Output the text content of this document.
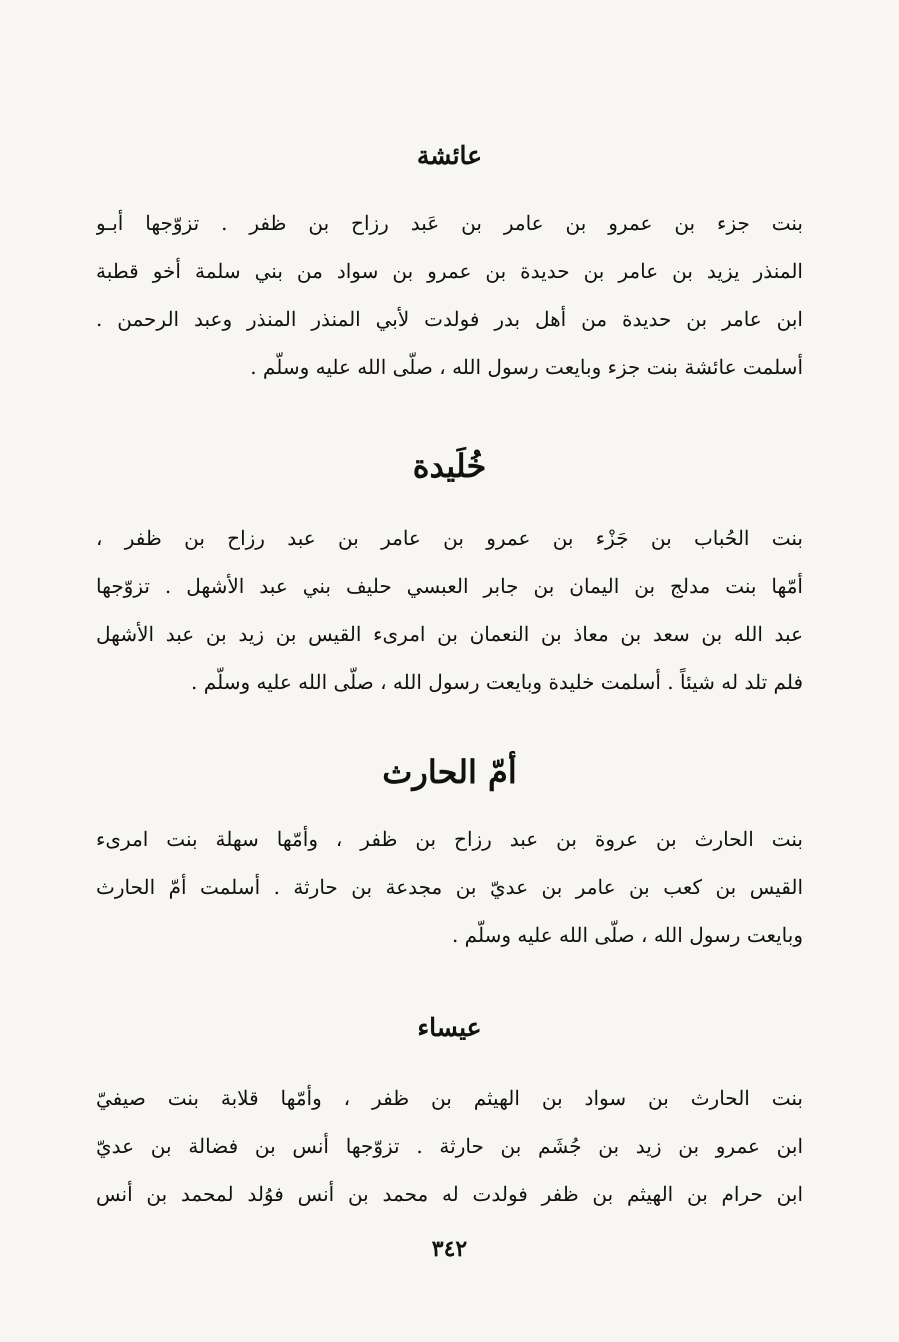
عائشة
بنت جزء بن عمرو بن عامر بن عَبد رزاح بن ظفر . تزوّجها أبـو
المنذر يزيد بن عامر بن حديدة بن عمرو بن سواد من بني سلمة أخو قطبة
ابن عامر بن حديدة من أهل بدر فولدت لأبي المنذر المنذر وعبد الرحمن .
أسلمت عائشة بنت جزء وبايعت رسول الله ، صلّى الله عليه وسلّم .
خُلَيدة
بنت الحُباب بن جَزْء بن عمرو بن عامر بن عبد رزاح بن ظفر ،
أمّها بنت مدلج بن اليمان بن جابر العبسي حليف بني عبد الأشهل . تزوّجها
عبد الله بن سعد بن معاذ بن النعمان بن امرىء القيس بن زيد بن عبد الأشهل
فلم تلد له شيئاً . أسلمت خليدة وبايعت رسول الله ، صلّى الله عليه وسلّم .
أمّ الحارث
بنت الحارث بن عروة بن عبد رزاح بن ظفر ، وأمّها سهلة بنت امرىء
القيس بن كعب بن عامر بن عديّ بن مجدعة بن حارثة . أسلمت أمّ الحارث
وبايعت رسول الله ، صلّى الله عليه وسلّم .
عيساء
بنت الحارث بن سواد بن الهيثم بن ظفر ، وأمّها قلابة بنت صيفيّ
ابن عمرو بن زيد بن جُشَم بن حارثة . تزوّجها أنس بن فضالة بن عديّ
ابن حرام بن الهيثم بن ظفر فولدت له محمد بن أنس فوُلد لمحمد بن أنس
٣٤٢
